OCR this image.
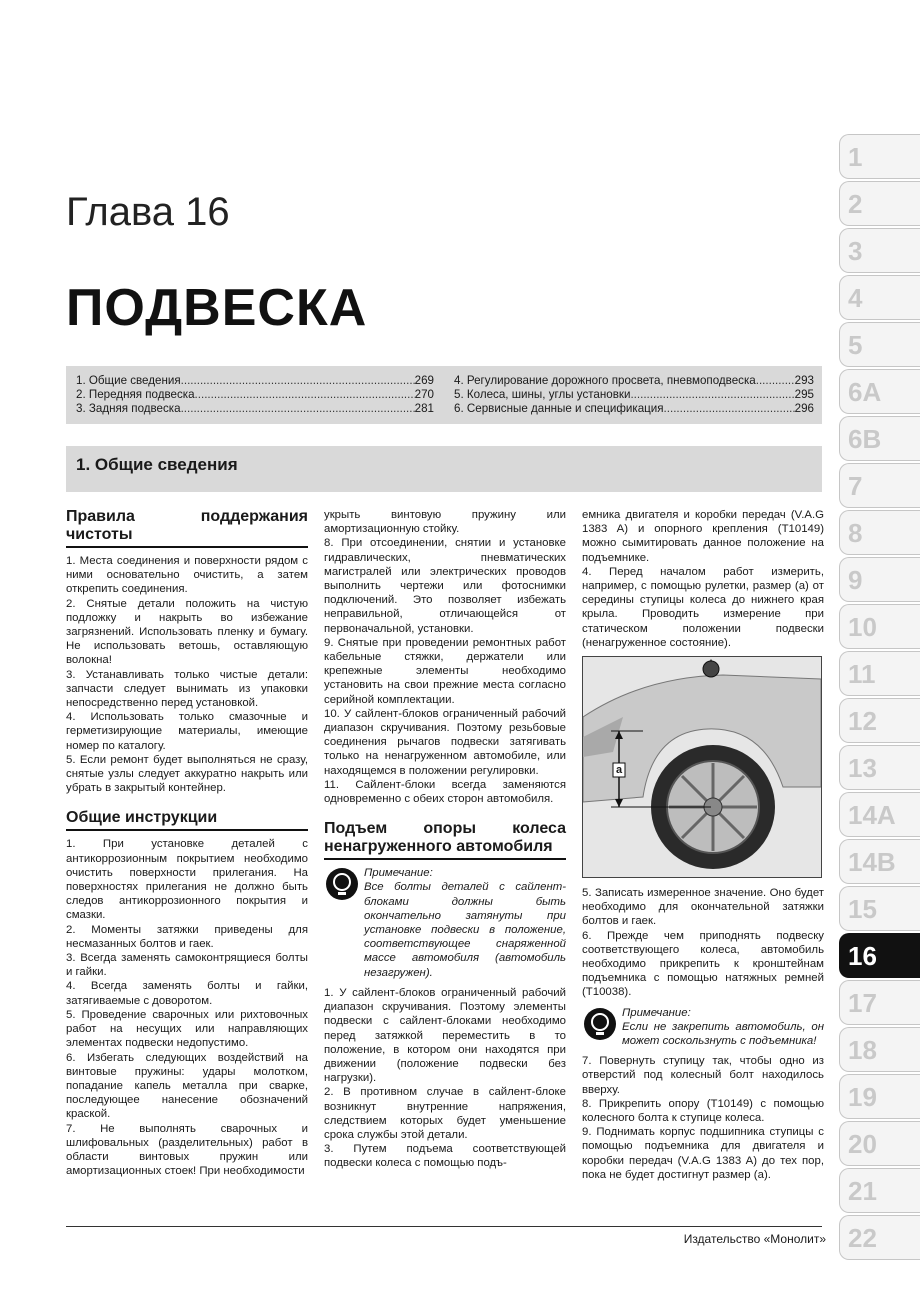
Глава 16
ПОДВЕСКА
1. Общие сведения .....	269
2. Передняя подвеска .....	270
3. Задняя подвеска .....	281
4. Регулирование дорожного просвета, пневмоподвеска .....	293
5. Колеса, шины, углы установки .....	295
6. Сервисные данные и спецификация .....	296
1. Общие сведения
Правила поддержания чистоты

1. Места соединения и поверхности рядом с ними основательно очистить, а затем открепить соединения.

2. Снятые детали положить на чистую подложку и накрыть во избежание загрязнений. Использовать пленку и бумагу. Не использовать ветошь, оставляющую волокна!

3. Устанавливать только чистые детали: запчасти следует вынимать из упаковки непосредственно перед установкой.

4. Использовать только смазочные и герметизирующие материалы, имеющие номер по каталогу.

5. Если ремонт будет выполняться не сразу, снятые узлы следует аккуратно накрыть или убрать в закрытый контейнер.

Общие инструкции

1. При установке деталей с антикоррозионным покрытием необходимо очистить поверхности прилегания. На поверхностях прилегания не должно быть следов антикоррозионного покрытия и смазки.

2. Моменты затяжки приведены для несмазанных болтов и гаек.

3. Всегда заменять самоконтрящиеся болты и гайки.

4. Всегда заменять болты и гайки, затягиваемые с доворотом.

5. Проведение сварочных или рихтовочных работ на несущих или направляющих элементах подвески недопустимо.

6. Избегать следующих воздействий на винтовые пружины: удары молотком, попадание капель металла при сварке, последующее нанесение обозначений краской.

7. Не выполнять сварочных и шлифовальных (разделительных) работ в области винтовых пружин или амортизационных стоек! При необходимости

укрыть винтовую пружину или амортизационную стойку.

8. При отсоединении, снятии и установке гидравлических, пневматических магистралей или электрических проводов выполнить чертежи или фотоснимки подключений. Это позволяет избежать неправильной, отличающейся от первоначальной, установки.

9. Снятые при проведении ремонтных работ кабельные стяжки, держатели или крепежные элементы необходимо установить на свои прежние места согласно серийной комплектации.

10. У сайлент-блоков ограниченный рабочий диапазон скручивания. Поэтому резьбовые соединения рычагов подвески затягивать только на ненагруженном автомобиле, или находящемся в положении регулировки.

11. Сайлент-блоки всегда заменяются одновременно с обеих сторон автомобиля.

Подъем опоры колеса ненагруженного автомобиля
Примечание:
Все болты деталей с сайлент-блоками должны быть окончательно затянуты при установке подвески в положение, соответствующее снаряженной массе автомобиля (автомобиль незагружен).

1. У сайлент-блоков ограниченный рабочий диапазон скручивания. Поэтому элементы подвески с сайлент-блоками необходимо перед затяжкой переместить в то положение, в котором они находятся при движении (положение подвески без нагрузки).

2. В противном случае в сайлент-блоке возникнут внутренние напряжения, следствием которых будет уменьшение срока службы этой детали.

3. Путем подъема соответствующей подвески колеса с помощью подъ-

емника двигателя и коробки передач (V.A.G 1383 A) и опорного крепления (T10149) можно сымитировать данное положение на подъемнике.

4. Перед началом работ измерить, например, с помощью рулетки, размер (а) от середины ступицы колеса до нижнего края крыла. Проводить измерение при статическом положении подвески (ненагруженное состояние).

a

5. Записать измеренное значение. Оно будет необходимо для окончательной затяжки болтов и гаек.

6. Прежде чем приподнять подвеску соответствующего колеса, автомобиль необходимо прикрепить к кронштейнам подъемника с помощью натяжных ремней (T10038).

Примечание:
Если не закрепить автомобиль, он может соскользнуть с подъемника!

7. Повернуть ступицу так, чтобы одно из отверстий под колесный болт находилось вверху.

8. Прикрепить опору (T10149) с помощью колесного болта к ступице колеса.

9. Поднимать корпус подшипника ступицы с помощью подъемника для двигателя и коробки передач (V.A.G 1383 A) до тех пор, пока не будет достигнут размер (а).

1
2
3
4
5
6A
6B
7
8
9
10
11
12
13
14A
14B
15
16
17
18
19
20
21
22
Издательство «Монолит»
